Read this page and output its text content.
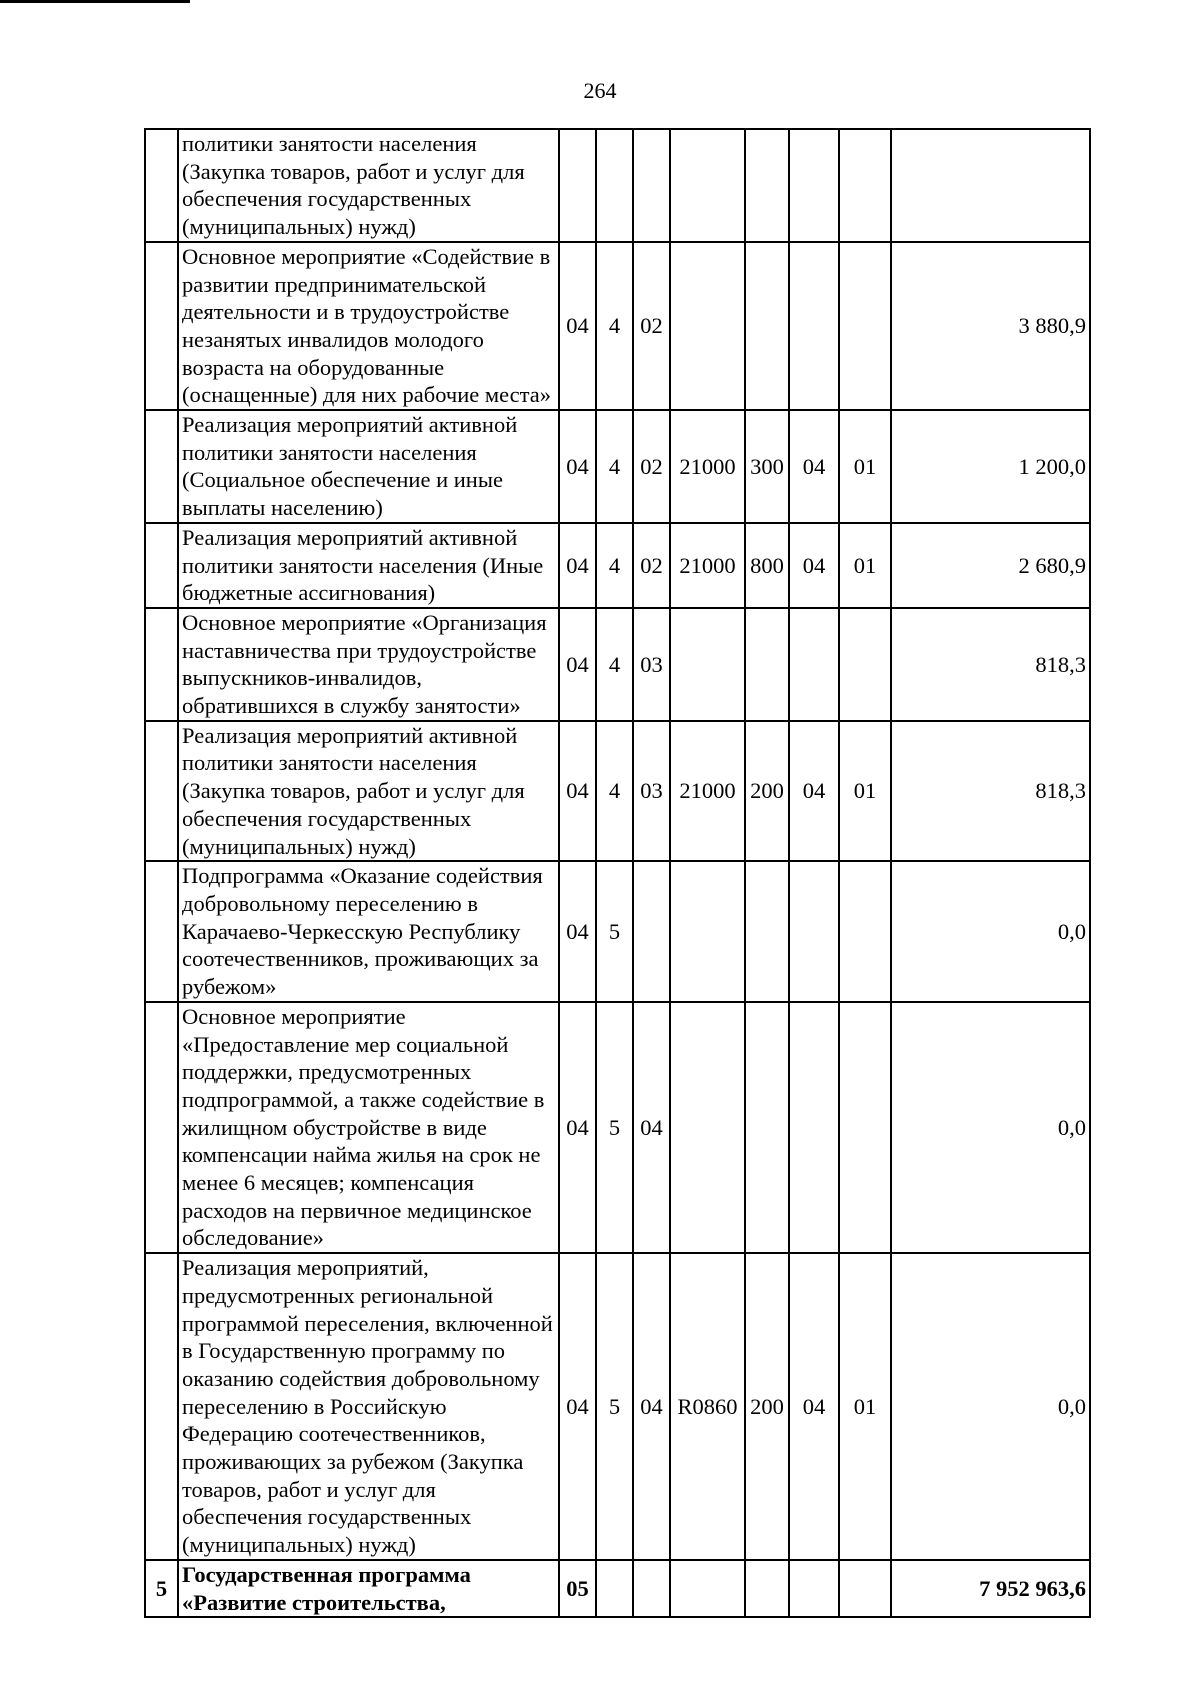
264
	политики занятости населения (Закупка товаров, работ и услуг для обеспечения государственных (муниципальных) нужд)								
	Основное мероприятие «Содействие в развитии предпринимательской деятельности и в трудоустройстве незанятых инвалидов молодого возраста на оборудованные (оснащенные) для них рабочие места»	04	4	02					3 880,9
	Реализация мероприятий активной политики занятости населения (Социальное обеспечение и иные выплаты населению)	04	4	02	21000	300	04	01	1 200,0
	Реализация мероприятий активной политики занятости населения (Иные бюджетные ассигнования)	04	4	02	21000	800	04	01	2 680,9
	Основное мероприятие «Организация наставничества при трудоустройстве выпускников-инвалидов, обратившихся в службу занятости»	04	4	03					818,3
	Реализация мероприятий активной политики занятости населения (Закупка товаров, работ и услуг для обеспечения государственных (муниципальных) нужд)	04	4	03	21000	200	04	01	818,3
	Подпрограмма «Оказание содействия добровольному переселению в Карачаево-Черкесскую Республику соотечественников, проживающих за рубежом»	04	5						0,0
	Основное мероприятие «Предоставление мер социальной поддержки, предусмотренных подпрограммой, а также содействие в жилищном обустройстве в виде компенсации найма жилья на срок не менее 6 месяцев; компенсация расходов на первичное медицинское обследование»	04	5	04					0,0
	Реализация мероприятий, предусмотренных региональной программой переселения, включенной в Государственную программу по оказанию содействия добровольному переселению в Российскую Федерацию соотечественников, проживающих за рубежом (Закупка товаров, работ и услуг для обеспечения государственных (муниципальных) нужд)	04	5	04	R0860	200	04	01	0,0
5	Государственная программа «Развитие строительства,	05							7 952 963,6
